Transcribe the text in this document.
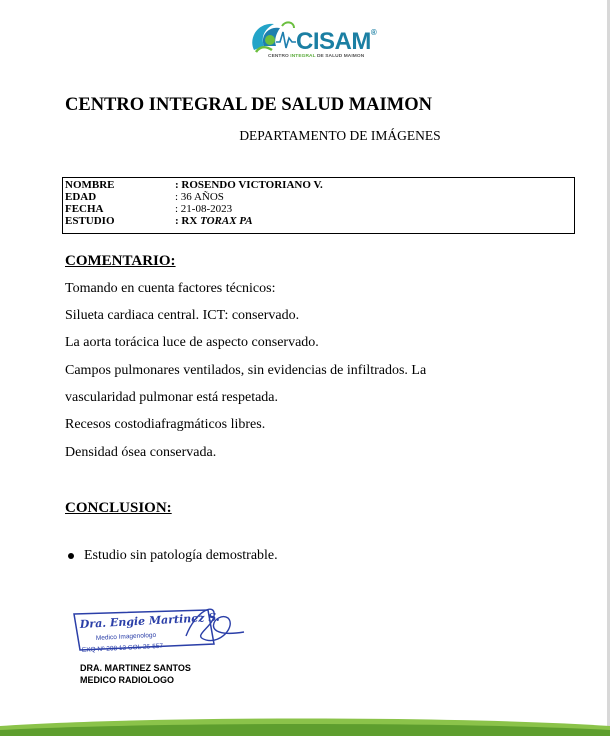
CISAM®
CENTRO INTEGRAL DE SALUD MAIMON
CENTRO INTEGRAL DE SALUD MAIMON
DEPARTAMENTO DE IMÁGENES
NOMBRE	: ROSENDO VICTORIANO V.
EDAD	: 36 AÑOS
FECHA	: 21-08-2023
ESTUDIO	: RX TORAX PA
COMENTARIO:
Tomando en cuenta factores técnicos:
Silueta cardiaca central. ICT: conservado.
La aorta torácica luce de aspecto conservado.
Campos pulmonares ventilados, sin evidencias de infiltrados. La
vascularidad pulmonar está respetada.
Recesos costodiafragmáticos libres.
Densidad ósea conservada.
CONCLUSION:
Estudio sin patología demostrable.
Dra. Engie Martinez S.
Medico Imagenologo
EXQ Nº 208 13 COL 26-557
DRA. MARTINEZ SANTOS
MEDICO RADIOLOGO
